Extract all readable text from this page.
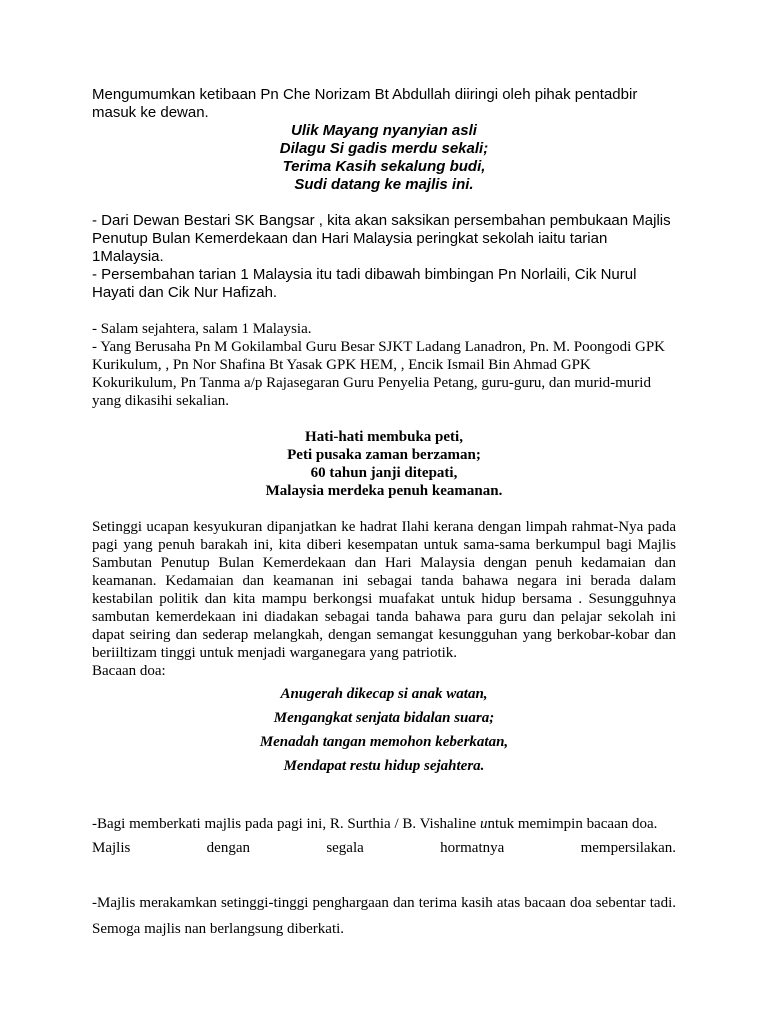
Mengumumkan ketibaan Pn Che Norizam Bt Abdullah diiringi oleh pihak pentadbir masuk ke dewan.

Ulik Mayang nyanyian asli

Dilagu Si gadis merdu sekali;

Terima Kasih sekalung budi,

Sudi datang ke majlis ini.

- Dari Dewan Bestari SK Bangsar , kita akan saksikan persembahan pembukaan Majlis Penutup Bulan Kemerdekaan dan Hari Malaysia peringkat sekolah iaitu tarian 1Malaysia.

- Persembahan tarian 1 Malaysia itu tadi dibawah bimbingan Pn Norlaili, Cik Nurul Hayati dan Cik Nur Hafizah.

- Salam sejahtera, salam 1 Malaysia.

- Yang Berusaha Pn M Gokilambal Guru Besar SJKT Ladang Lanadron, Pn. M. Poongodi GPK Kurikulum, , Pn Nor Shafina Bt Yasak GPK HEM, , Encik Ismail Bin Ahmad GPK Kokurikulum, Pn Tanma a/p Rajasegaran Guru Penyelia Petang, guru-guru, dan murid-murid yang dikasihi sekalian.

Hati-hati membuka peti,

Peti pusaka zaman berzaman;

60 tahun janji ditepati,

Malaysia merdeka penuh keamanan.

Setinggi ucapan kesyukuran dipanjatkan ke hadrat Ilahi kerana dengan limpah rahmat-Nya pada pagi yang penuh barakah ini, kita diberi kesempatan untuk sama-sama berkumpul bagi Majlis Sambutan Penutup Bulan Kemerdekaan dan Hari Malaysia dengan penuh kedamaian dan keamanan. Kedamaian dan keamanan ini sebagai tanda bahawa negara ini berada dalam kestabilan politik dan kita mampu berkongsi muafakat untuk hidup bersama . Sesungguhnya sambutan kemerdekaan ini diadakan sebagai tanda bahawa para guru dan pelajar sekolah ini dapat seiring dan sederap melangkah, dengan semangat kesungguhan yang berkobar-kobar dan beriiltizam tinggi untuk menjadi warganegara yang patriotik.

Bacaan doa:

Anugerah dikecap si anak watan,

Mengangkat senjata bidalan suara;

Menadah tangan memohon keberkatan,

Mendapat restu hidup sejahtera.

-Bagi memberkati majlis pada pagi ini, R. Surthia / B. Vishaline untuk memimpin bacaan doa.

Majlis dengan segala hormatnya mempersilakan.

-Majlis merakamkan setinggi-tinggi penghargaan dan terima kasih atas bacaan doa sebentar tadi. Semoga majlis nan berlangsung diberkati.
